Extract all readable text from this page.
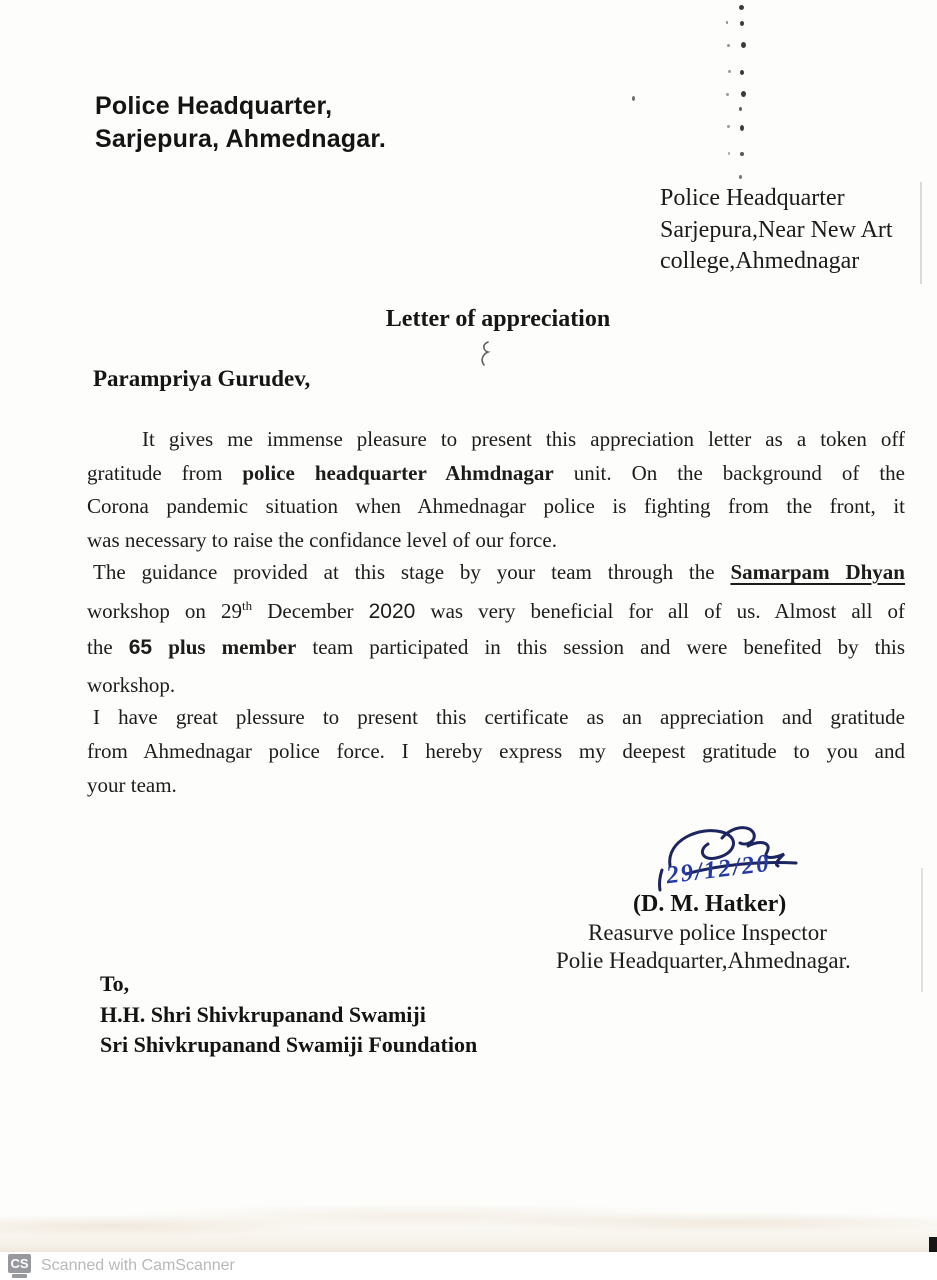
Police Headquarter,
Sarjepura, Ahmednagar.
Police Headquarter
Sarjepura,Near New Art
college,Ahmednagar
Letter of appreciation
Parampriya Gurudev,
It gives me immense pleasure to present this appreciation letter as a token off
gratitude from police headquarter Ahmdnagar unit. On the background of the
Corona pandemic situation when Ahmednagar police is fighting from the front, it
was necessary to raise the confidance level of our force.
The guidance provided at this stage by your team through the Samarpam Dhyan
workshop on 29th December 2020 was very beneficial for all of us. Almost all of
the 65 plus member team participated in this session and were benefited by this
workshop.
I have great plessure to present this certificate as an appreciation and gratitude
from Ahmednagar police force. I hereby express my deepest gratitude to you and
your team.
29/12/20
(D. M. Hatker)
Reasurve police Inspector
Polie Headquarter,Ahmednagar.
To,
H.H. Shri Shivkrupanand Swamiji
Sri Shivkrupanand Swamiji Foundation
CS Scanned with CamScanner
